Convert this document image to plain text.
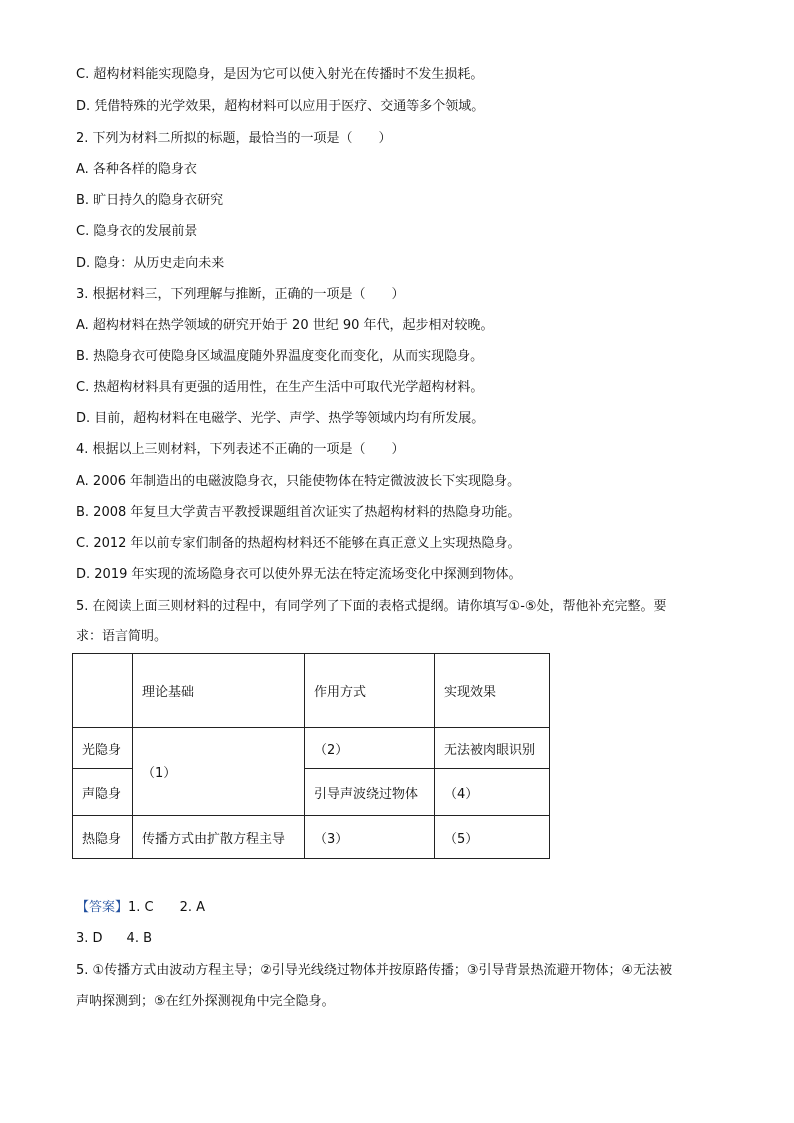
C. 超构材料能实现隐身，是因为它可以使入射光在传播时不发生损耗。
D. 凭借特殊的光学效果，超构材料可以应用于医疗、交通等多个领域。
2. 下列为材料二所拟的标题，最恰当的一项是（　　）
A. 各种各样的隐身衣
B. 旷日持久的隐身衣研究
C. 隐身衣的发展前景
D. 隐身：从历史走向未来
3. 根据材料三，下列理解与推断，正确的一项是（　　）
A. 超构材料在热学领域的研究开始于 20 世纪 90 年代，起步相对较晚。
B. 热隐身衣可使隐身区域温度随外界温度变化而变化，从而实现隐身。
C. 热超构材料具有更强的适用性，在生产生活中可取代光学超构材料。
D. 目前，超构材料在电磁学、光学、声学、热学等领域内均有所发展。
4. 根据以上三则材料，下列表述不正确的一项是（　　）
A. 2006 年制造出的电磁波隐身衣，只能使物体在特定微波波长下实现隐身。
B. 2008 年复旦大学黄吉平教授课题组首次证实了热超构材料的热隐身功能。
C. 2012 年以前专家们制备的热超构材料还不能够在真正意义上实现热隐身。
D. 2019 年实现的流场隐身衣可以使外界无法在特定流场变化中探测到物体。
5. 在阅读上面三则材料的过程中，有同学列了下面的表格式提纲。请你填写①-⑤处，帮他补充完整。要
求：语言简明。
	理论基础	作用方式	实现效果
光隐身	（1）	（2）	无法被肉眼识别
声隐身		引导声波绕过物体	（4）
热隐身	传播方式由扩散方程主导	（3）	（5）
【答案】1. C 2. A
3. D 4. B
5. ①传播方式由波动方程主导；②引导光线绕过物体并按原路传播；③引导背景热流避开物体；④无法被
声呐探测到；⑤在红外探测视角中完全隐身。
